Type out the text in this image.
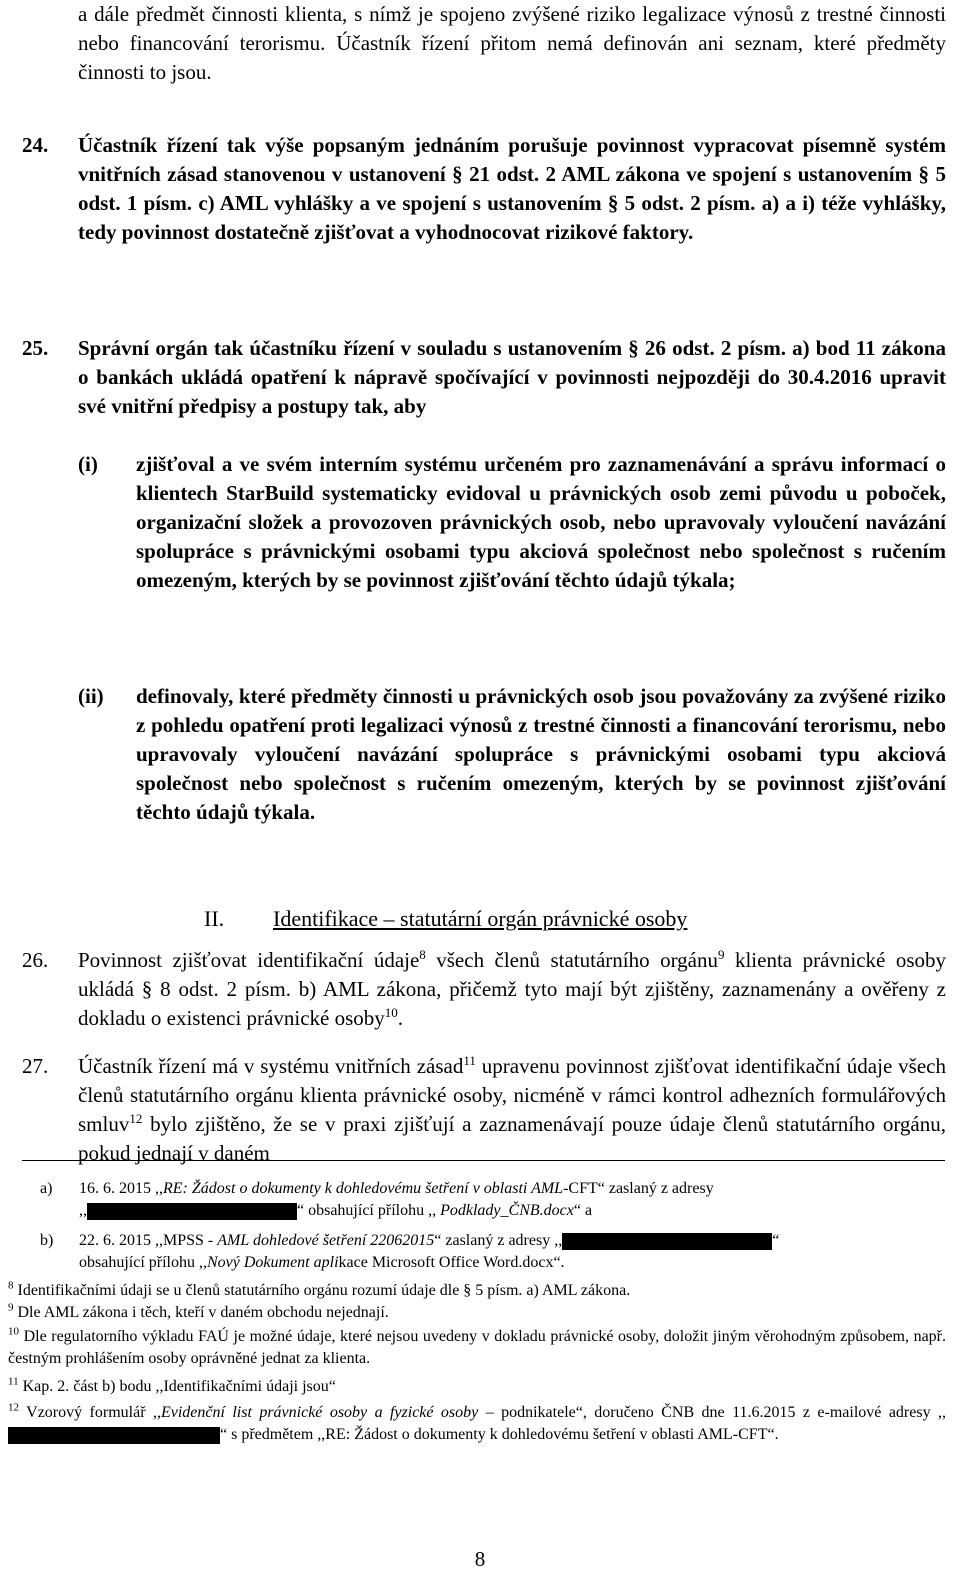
a dále předmět činnosti klienta, s nímž je spojeno zvýšené riziko legalizace výnosů z trestné činnosti nebo financování terorismu. Účastník řízení přitom nemá definován ani seznam, které předměty činnosti to jsou.
24. Účastník řízení tak výše popsaným jednáním porušuje povinnost vypracovat písemně systém vnitřních zásad stanovenou v ustanovení § 21 odst. 2 AML zákona ve spojení s ustanovením § 5 odst. 1 písm. c) AML vyhlášky a ve spojení s ustanovením § 5 odst. 2 písm. a) a i) téže vyhlášky, tedy povinnost dostatečně zjišťovat a vyhodnocovat rizikové faktory.
25. Správní orgán tak účastníku řízení v souladu s ustanovením § 26 odst. 2 písm. a) bod 11 zákona o bankách ukládá opatření k nápravě spočívající v povinnosti nejpozději do 30.4.2016 upravit své vnitřní předpisy a postupy tak, aby
(i) zjišťoval a ve svém interním systému určeném pro zaznamenávání a správu informací o klientech StarBuild systematicky evidoval u právnických osob zemi původu u poboček, organizační složek a provozoven právnických osob, nebo upravovaly vyloučení navázání spolupráce s právnickými osobami typu akciová společnost nebo společnost s ručením omezeným, kterých by se povinnost zjišťování těchto údajů týkala;
(ii) definovaly, které předměty činnosti u právnických osob jsou považovány za zvýšené riziko z pohledu opatření proti legalizaci výnosů z trestné činnosti a financování terorismu, nebo upravovaly vyloučení navázání spolupráce s právnickými osobami typu akciová společnost nebo společnost s ručením omezeným, kterých by se povinnost zjišťování těchto údajů týkala.
II. Identifikace – statutární orgán právnické osoby
26. Povinnost zjišťovat identifikační údaje$^8$ všech členů statutárního orgánu$^9$ klienta právnické osoby ukládá § 8 odst. 2 písm. b) AML zákona, přičemž tyto mají být zjištěny, zaznamenány a ověřeny z dokladu o existenci právnické osoby$^{10}$.
27. Účastník řízení má v systému vnitřních zásad$^{11}$ upravenu povinnost zjišťovat identifikační údaje všech členů statutárního orgánu klienta právnické osoby, nicméně v rámci kontrol adhezních formulářových smluv$^{12}$ bylo zjištěno, že se v praxi zjišťují a zaznamenávají pouze údaje členů statutárního orgánu, pokud jednají v daném
a) 16. 6. 2015 ,,RE: Žádost o dokumenty k dohledovému šetření v oblasti AML-CFT“ zaslaný z adresy
,,	“ obsahující přílohu ,, Podklady_ČNB.docx“ a
b) 22. 6. 2015 ,,MPSS - AML dohledové šetření 22062015“ zaslaný z adresy ,,	“
obsahující přílohu ,,Nový Dokument aplikace Microsoft Office Word.docx“.
$^8$ Identifikačními údaji se u členů statutárního orgánu rozumí údaje dle § 5 písm. a) AML zákona.
$^9$ Dle AML zákona i těch, kteří v daném obchodu nejednají.
$^{10}$ Dle regulatorního výkladu FAÚ je možné údaje, které nejsou uvedeny v dokladu právnické osoby, doložit jiným věrohodným způsobem, např. čestným prohlášením osoby oprávněné jednat za klienta.
$^{11}$ Kap. 2. část b) bodu ,,Identifikačními údaji jsou“
$^{12}$ Vzorový formulář ,,Evidenční list právnické osoby a fyzické osoby – podnikatele“, doručeno ČNB dne 11.6.2015 z e-mailové adresy ,,“ s předmětem ,,RE: Žádost o dokumenty k dohledovému šetření v oblasti AML-CFT“.
8
